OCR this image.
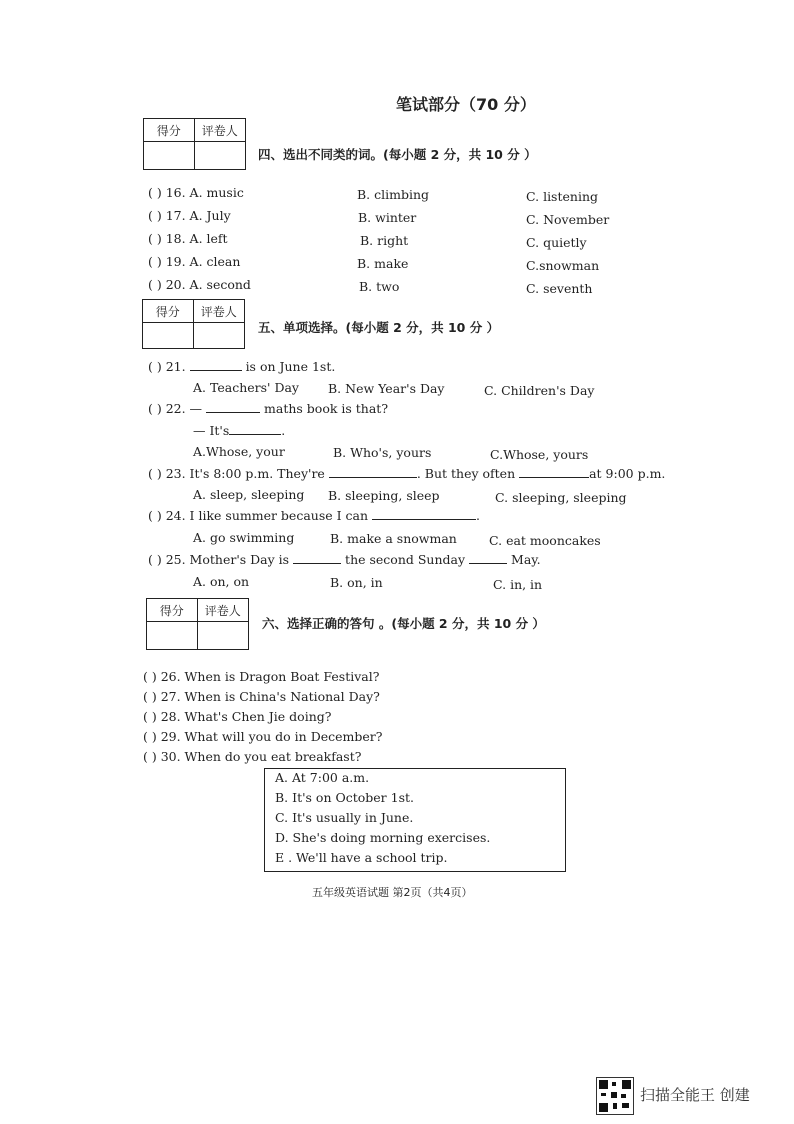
笔试部分（70 分）
得分	评卷人
四、选出不同类的词。(每小题 2 分，共 10 分 ）
( ) 16. A. music	B. climbing	C. listening
( ) 17. A. July	B. winter	C. November
( ) 18. A. left	B. right	C. quietly
( ) 19. A. clean	B. make	C.snowman
( ) 20. A. second	B. two	C. seventh
得分	评卷人
五、单项选择。(每小题 2 分，共 10 分 ）
( ) 21.	is on June 1st.
A. Teachers' Day B. New Year's Day	C. Children's Day
( ) 22. —	maths book is that?
— It's	.
A.Whose, your	B. Who's, yours	C.Whose, yours
( ) 23. It's 8:00 p.m. They're	. But they often	at 9:00 p.m.
A. sleep, sleeping B. sleeping, sleep	C. sleeping, sleeping
( ) 24. I like summer because I can	.
A. go swimming	B. make a snowman	C. eat mooncakes
( ) 25. Mother's Day is	the second Sunday	May.
A. on, on	B. on, in	C. in, in
得分	评卷人
六、选择正确的答句 。(每小题 2 分，共 10 分 ）
( ) 26. When is Dragon Boat Festival?
( ) 27. When is China's National Day?
( ) 28. What's Chen Jie doing?
( ) 29. What will you do in December?
( ) 30. When do you eat breakfast?
A. At 7:00 a.m.
B. It's on October 1st.
C. It's usually in June.
D. She's doing morning exercises.
E . We'll have a school trip.
五年级英语试题 第2页（共4页）
扫描全能王 创建
